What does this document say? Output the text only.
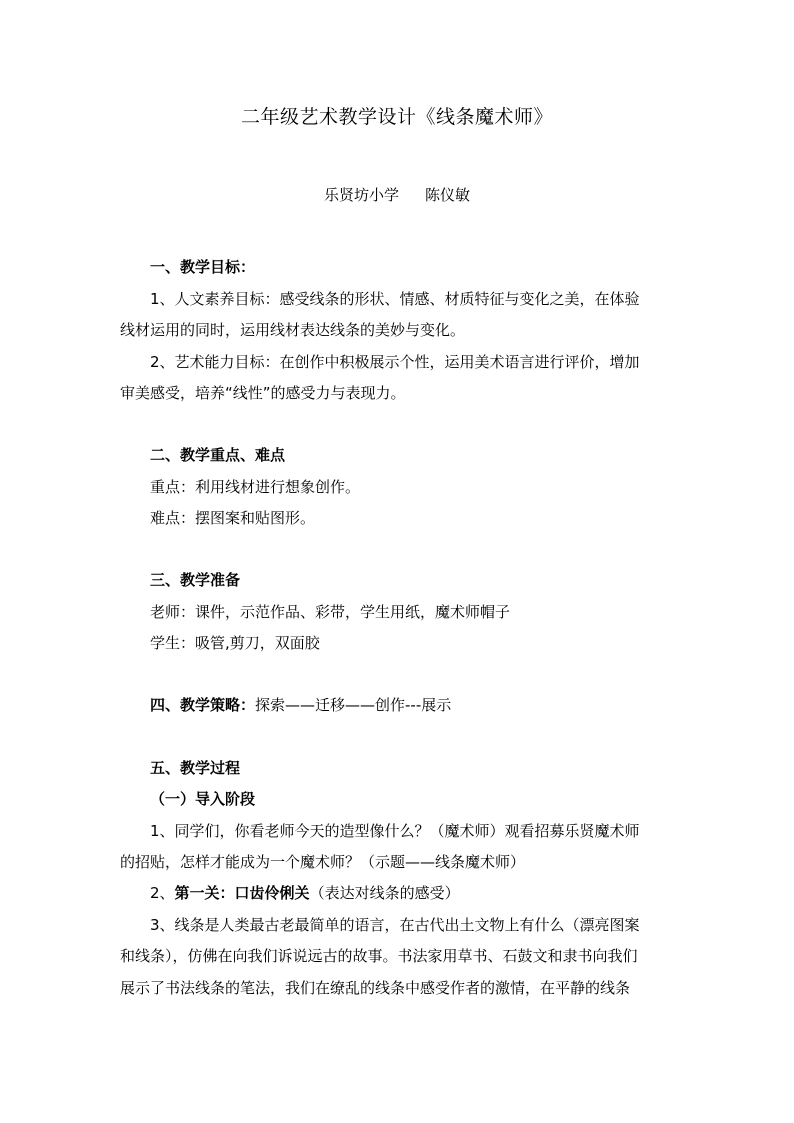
二年级艺术教学设计《线条魔术师》
乐贤坊小学 陈仪敏
一、教学目标：
1、人文素养目标：感受线条的形状、情感、材质特征与变化之美，在体验
线材运用的同时，运用线材表达线条的美妙与变化。
2、艺术能力目标：在创作中积极展示个性，运用美术语言进行评价，增加
审美感受，培养“线性”的感受力与表现力。
二、教学重点、难点
重点：利用线材进行想象创作。
难点：摆图案和贴图形。
三、教学准备
老师：课件，示范作品、彩带，学生用纸，魔术师帽子
学生：吸管,剪刀，双面胶
四、教学策略：探索——迁移——创作---展示
五、教学过程
（一）导入阶段
1、同学们，你看老师今天的造型像什么？（魔术师）观看招募乐贤魔术师
的招贴，怎样才能成为一个魔术师？（示题——线条魔术师）
2、第一关：口齿伶俐关（表达对线条的感受）
3、线条是人类最古老最简单的语言，在古代出土文物上有什么（漂亮图案
和线条），仿佛在向我们诉说远古的故事。书法家用草书、石鼓文和隶书向我们
展示了书法线条的笔法，我们在缭乱的线条中感受作者的激情，在平静的线条
